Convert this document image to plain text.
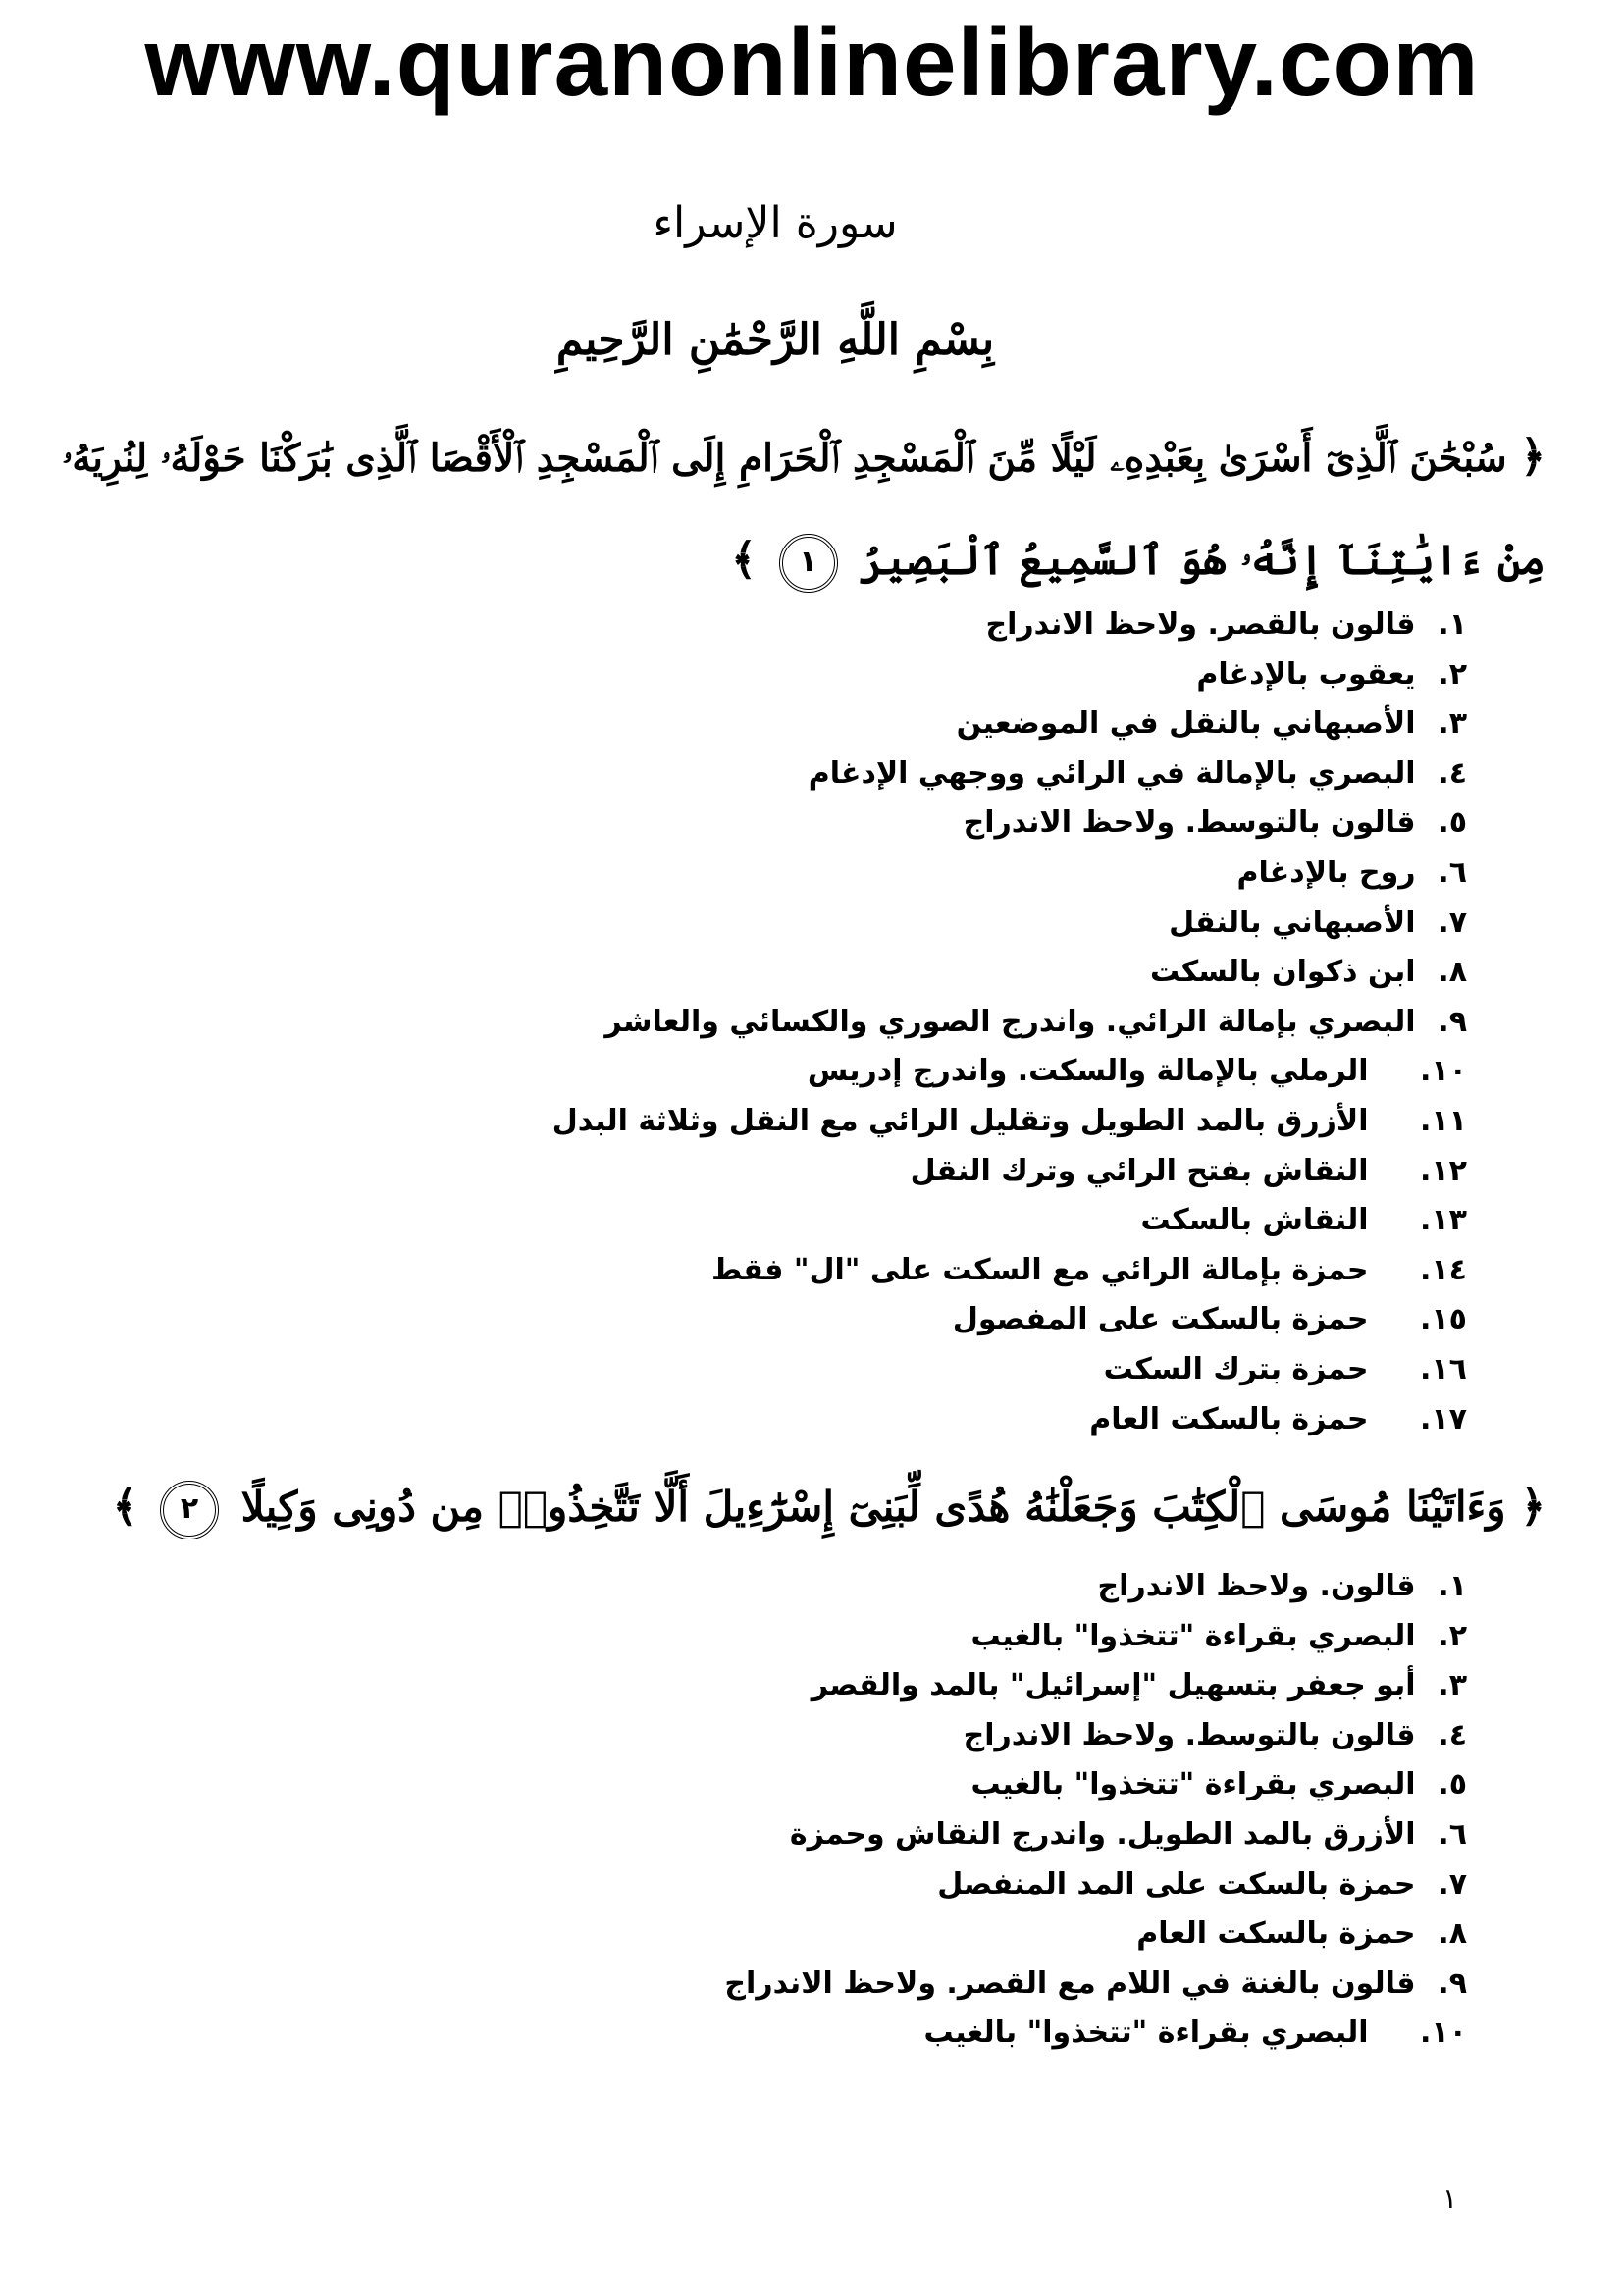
www.quranonlinelibrary.com
سورة الإسراء
بِسْمِ اللَّهِ الرَّحْمَٰنِ الرَّحِيمِ
﴿ سُبْحَٰنَ ٱلَّذِىٓ أَسْرَىٰ بِعَبْدِهِۦ لَيْلًا مِّنَ ٱلْمَسْجِدِ ٱلْحَرَامِ إِلَى ٱلْمَسْجِدِ ٱلْأَقْصَا ٱلَّذِى بَٰرَكْنَا حَوْلَهُۥ لِنُرِيَهُۥ
مِنْ ءَايَٰتِنَآ إِنَّهُۥ هُوَ ٱلسَّمِيعُ ٱلْبَصِيرُ ١ ﴾
١. قالون بالقصر. ولاحظ الاندراج
٢. يعقوب بالإدغام
٣. الأصبهاني بالنقل في الموضعين
٤. البصري بالإمالة في الرائي ووجهي الإدغام
٥. قالون بالتوسط. ولاحظ الاندراج
٦. روح بالإدغام
٧. الأصبهاني بالنقل
٨. ابن ذكوان بالسكت
٩. البصري بإمالة الرائي. واندرج الصوري والكسائي والعاشر
١٠. الرملي بالإمالة والسكت. واندرج إدريس
١١. الأزرق بالمد الطويل وتقليل الرائي مع النقل وثلاثة البدل
١٢. النقاش بفتح الرائي وترك النقل
١٣. النقاش بالسكت
١٤. حمزة بإمالة الرائي مع السكت على "ال" فقط
١٥. حمزة بالسكت على المفصول
١٦. حمزة بترك السكت
١٧. حمزة بالسكت العام
﴿ وَءَاتَيْنَا مُوسَى ٱلْكِتَٰبَ وَجَعَلْنَٰهُ هُدًى لِّبَنِىٓ إِسْرَٰٓءِيلَ أَلَّا تَتَّخِذُوا۟ مِن دُونِى وَكِيلًا ٢ ﴾
١. قالون. ولاحظ الاندراج
٢. البصري بقراءة "تتخذوا" بالغيب
٣. أبو جعفر بتسهيل "إسرائيل" بالمد والقصر
٤. قالون بالتوسط. ولاحظ الاندراج
٥. البصري بقراءة "تتخذوا" بالغيب
٦. الأزرق بالمد الطويل. واندرج النقاش وحمزة
٧. حمزة بالسكت على المد المنفصل
٨. حمزة بالسكت العام
٩. قالون بالغنة في اللام مع القصر. ولاحظ الاندراج
١٠. البصري بقراءة "تتخذوا" بالغيب
١
